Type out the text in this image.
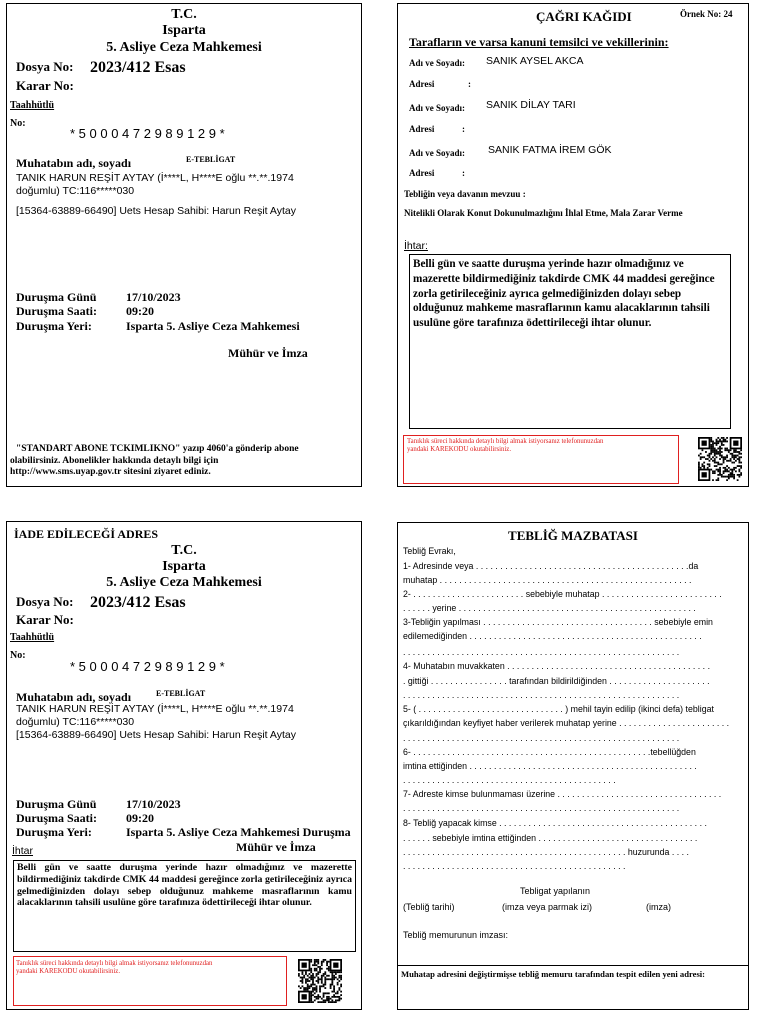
T.C.
Isparta
5. Asliye Ceza Mahkemesi
Dosya No: 2023/412 Esas
Karar No:
Taahhütlü
No:
* 5 0 0 0 4 7 2 9 8 9 1 2 9 *
Muhatabın adı, soyadı	E-TEBLİGAT
TANIK HARUN REŞİT AYTAY (İ****L, H****E oğlu **.**.1974
doğumlu) TC:116*****030
[15364-63889-66490] Uets Hesap Sahibi: Harun Reşit Aytay
Duruşma Günü 17/10/2023
Duruşma Saati: 09:20
Duruşma Yeri:	Isparta 5. Asliye Ceza Mahkemesi
Mühür ve İmza
"STANDART ABONE TCKIMLIKNO" yazıp 4060'a gönderip abone
olabilirsiniz. Abonelikler hakkında detaylı bilgi için
http://www.sms.uyap.gov.tr sitesini ziyaret ediniz.
ÇAĞRI KAĞIDI	Örnek No: 24
Tarafların ve varsa kanuni temsilci ve vekillerinin:
Adı ve Soyadı: SANIK AYSEL AKCA
Adresi	:
Adı ve Soyadı: SANIK DİLAY TARI
Adresi	:
Adı ve Soyadı: SANIK FATMA İREM GÖK
Adresi	:
Tebliğin veya davanın mevzuu :
Nitelikli Olarak Konut Dokunulmazlığını İhlal Etme, Mala Zarar Verme
İhtar:
Belli gün ve saatte duruşma yerinde hazır olmadığınız ve mazerette bildirmediğiniz takdirde CMK 44 maddesi gereğince zorla getirileceğiniz ayrıca gelmediğinizden dolayı sebep olduğunuz mahkeme masraflarının kamu alacaklarının tahsili usulüne göre tarafınıza ödettirileceği ihtar olunur.
Tanıklık süreci hakkında detaylı bilgi almak istiyorsanız telefonunuzdan
yandaki KAREKODU okutabilirsiniz.
İADE EDİLECEĞİ ADRES
T.C.
Isparta
5. Asliye Ceza Mahkemesi
Dosya No: 2023/412 Esas
Karar No:
Taahhütlü
No:
* 5 0 0 0 4 7 2 9 8 9 1 2 9 *
Muhatabın adı, soyadı	E-TEBLİGAT
TANIK HARUN REŞİT AYTAY (İ****L, H****E oğlu **.**.1974
doğumlu) TC:116*****030
[15364-63889-66490] Uets Hesap Sahibi: Harun Reşit Aytay
Duruşma Günü 17/10/2023
Duruşma Saati: 09:20
Duruşma Yeri:	Isparta 5. Asliye Ceza Mahkemesi Duruşma
Mühür ve İmza
İhtar
Belli gün ve saatte duruşma yerinde hazır olmadığınız ve mazerette bildirmediğiniz takdirde CMK 44 maddesi gereğince zorla getirileceğiniz ayrıca gelmediğinizden dolayı sebep olduğunuz mahkeme masraflarının kamu alacaklarının tahsili usulüne göre tarafınıza ödettirileceği ihtar olunur.
Tanıklık süreci hakkında detaylı bilgi almak istiyorsanız telefonunuzdan
yandaki KAREKODU okutabilirsiniz.
TEBLİĞ MAZBATASI
Tebliğ Evrakı,
1- Adresinde veya . . . . . . . . . . . . . . . . . . . . . . . . . . . . . . . . . . . . . . . . . . . .da
muhatap . . . . . . . . . . . . . . . . . . . . . . . . . . . . . . . . . . . . . . . . . . . . . . . . . . . .
2- . . . . . . . . . . . . . . . . . . . . . . . sebebiyle muhatap . . . . . . . . . . . . . . . . . . . . . . . . .
. . . . . . yerine . . . . . . . . . . . . . . . . . . . . . . . . . . . . . . . . . . . . . . . . . . . . . . . . .
3-Tebliğin yapılması . . . . . . . . . . . . . . . . . . . . . . . . . . . . . . . . . . . sebebiyle emin
edilemediğinden . . . . . . . . . . . . . . . . . . . . . . . . . . . . . . . . . . . . . . . . . . . . . . . .
. . . . . . . . . . . . . . . . . . . . . . . . . . . . . . . . . . . . . . . . . . . . . . . . . . . . . . . . .
4- Muhatabın muvakkaten . . . . . . . . . . . . . . . . . . . . . . . . . . . . . . . . . . . . . . . . . .
. gittiği . . . . . . . . . . . . . . . . tarafından bildirildiğinden . . . . . . . . . . . . . . . . . . . . .
. . . . . . . . . . . . . . . . . . . . . . . . . . . . . . . . . . . . . . . . . . . . . . . . . . . . . . . . .
5- ( . . . . . . . . . . . . . . . . . . . . . . . . . . . . . . ) mehil tayin edilip (ikinci defa) tebligat
çıkarıldığından keyfiyet haber verilerek muhatap yerine . . . . . . . . . . . . . . . . . . . . . . .
. . . . . . . . . . . . . . . . . . . . . . . . . . . . . . . . . . . . . . . . . . . . . . . . . . . . . . . . .
6- . . . . . . . . . . . . . . . . . . . . . . . . . . . . . . . . . . . . . . . . . . . . . . . . .tebellüğden
imtina ettiğinden . . . . . . . . . . . . . . . . . . . . . . . . . . . . . . . . . . . . . . . . . . . . . . .
. . . . . . . . . . . . . . . . . . . . . . . . . . . . . . . . . . . . . . . . . . . .
7- Adreste kimse bulunmaması üzerine . . . . . . . . . . . . . . . . . . . . . . . . . . . . . . . . . .
. . . . . . . . . . . . . . . . . . . . . . . . . . . . . . . . . . . . . . . . . . . . . . . . . . . . . . . . .
8- Tebliğ yapacak kimse . . . . . . . . . . . . . . . . . . . . . . . . . . . . . . . . . . . . . . . . . . .
. . . . . . sebebiyle imtina ettiğinden . . . . . . . . . . . . . . . . . . . . . . . . . . . . . . . . .
. . . . . . . . . . . . . . . . . . . . . . . . . . . . . . . . . . . . . . . . . . . . . . huzurunda . . . .
. . . . . . . . . . . . . . . . . . . . . . . . . . . . . . . . . . . . . . . . . . . . . .
Tebligat yapılanın
(Tebliğ tarihi)	(imza veya parmak izi)	(imza)
Tebliğ memurunun imzası:
Muhatap adresini değiştirmişse tebliğ memuru tarafından tespit edilen yeni adresi:
